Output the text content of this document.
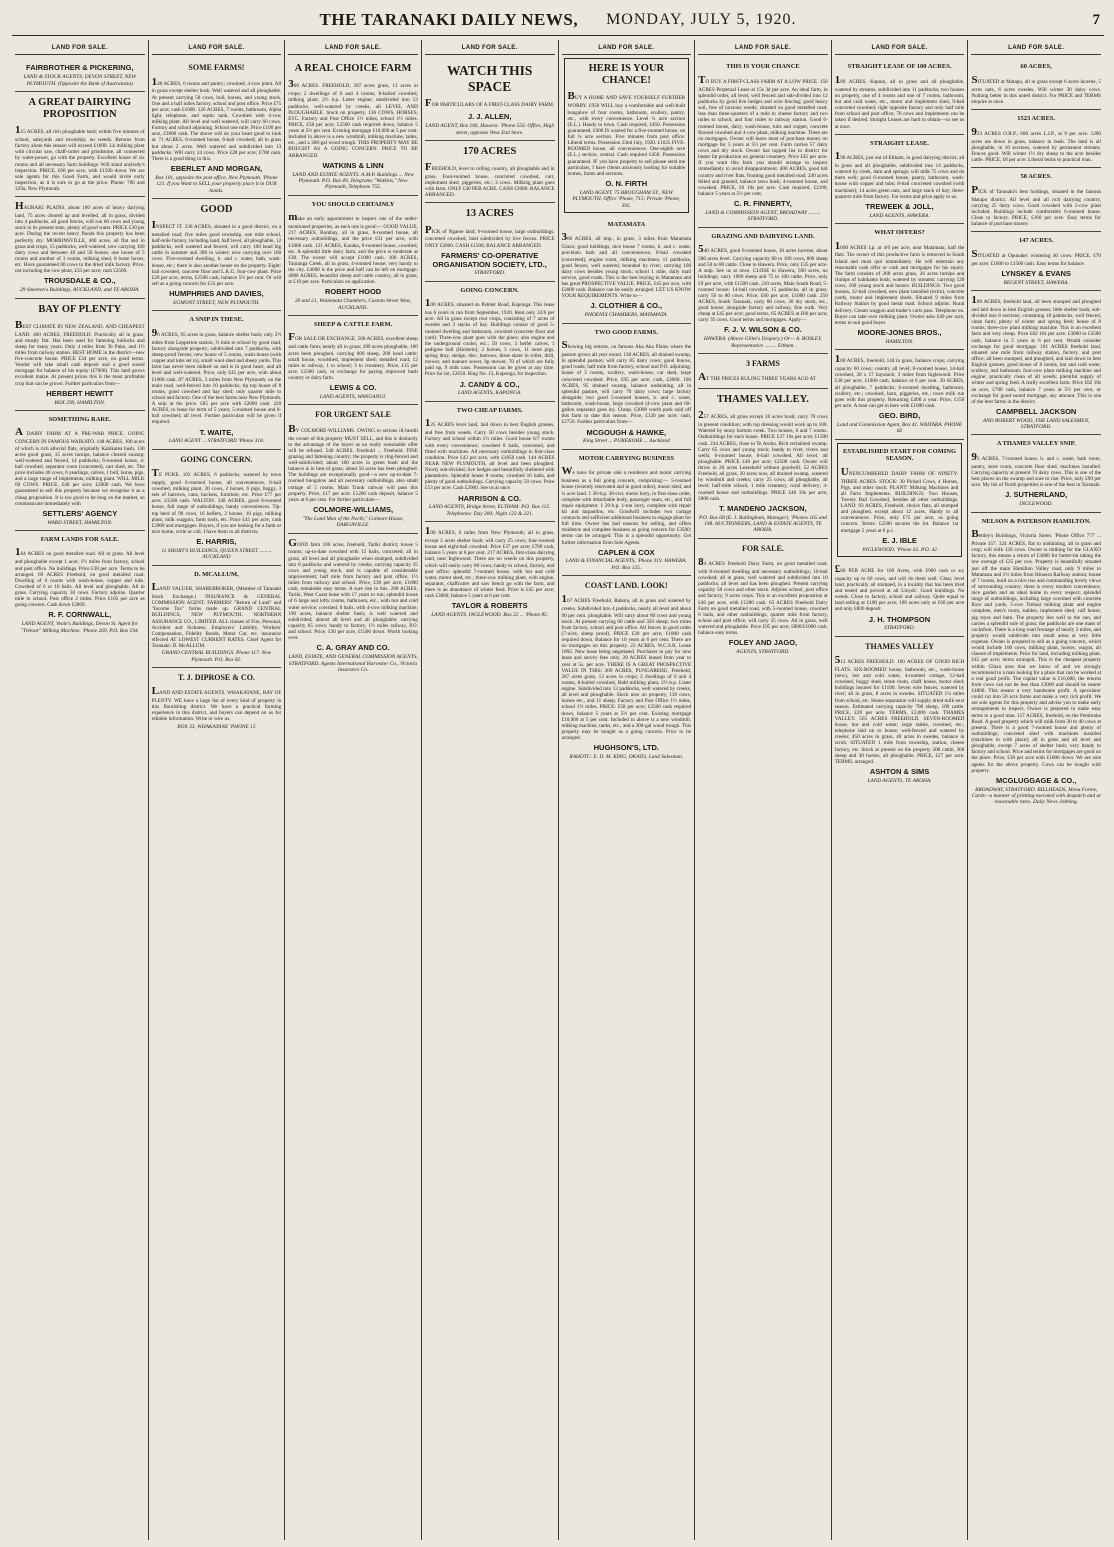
THE TARANAKI DAILY NEWS, MONDAY, JULY 5, 1920.	7
LAND FOR SALE.
FAIRBROTHER & PICKERING,
LAND & STOCK AGENTS, DEVON STREET, NEW PLYMOUTH. (Opposite the Bank of Australasia)
A GREAT DAIRYING PROPOSITION
115 ACRES, all rich ploughable land; within five minutes of school, saleyards and township; no weeds. Returns from factory alone this season will exceed £1600. Lk milking plant with circular saw, chaff-cutter and grindstone, all connected by water-power, go with the property. Excellent house of six rooms and all necessary farm buildings. Will stand anybody's inspection. PRICE, £60 per acre, with £1500 down. We are sole agents for this Good Farm, and would invite early inspection, as it is sure to go at the price. Phone: 706 and 329a, New Plymouth.
HAURAKI PLAINS, about 100 acres of heavy dairying land, 75 acres cleared up and levelled, all in grass, divided into 4 paddocks, all good fences, will run 60 cows and young stock in its present state, plenty of good water. PRICE £30 per acre. During the recent heavy floods this property has been perfectly dry. MORRINSVILLE, 400 acres, all flat and in grass and crops, 15 paddocks, well-watered, now carrying 100 dairy cows and between 40 and 50 horses; one house of 5 rooms and another of 3 rooms, milking shed, 8 loose boxes, etc. Have guaranteed 80 cows to the dried milk factory. Price, not including the cow plant, £33 per acre; cash £2500.
TROUSDALE & CO.,
29 Smeeton's Buildings, AUCKLAND, and TE AROHA.
BAY OF PLENTY
BEST CLIMATE IN NEW ZEALAND. AND CHEAPEST LAND. 460 ACRES, FREEHOLD. Practically all in grass, and mostly flat. Has been used for fattening bullocks and sheep for many years. Only 4 miles from Te Puke, and 1½ miles from railway station. BEST HOME in the district—new five-concrete house. PRICE £34 per acre, on good terms. Vendor will take small cash deposit and a good sound mortgage for balance of his equity (£7000). This land grows excellent maize. At present prices this is the most profitable crop that can be grown. Further particulars from—
HERBERT HEWITT
BOX 299, HAMILTON.
SOMETHING RARE.
A DAIRY FARM AT A PRE-WAR PRICE. GOING CONCERN IN FAMOUS WAIKATO. 148 ACRES, 100 acres of which is rich alluvial flats, originally Kahikatea bush, 130 acres good grass, 15 acres turnips, balance cleared swamp; well-watered and fenced, 14 paddocks; 6-roomed house, 4-bail cowshed, separator room (concreted), cart shed, etc. The price includes 40 cows, 6 yearlings, calves, 1 bull, horse, pigs, and a large range of implements, milking plant. WILL MILK 60 COWS. PRICE, £48 per acre; £2000 cash. We have guaranteed to sell this property because we recognise it as a cheap proposition. It is too good to be long on the market, so communicate immediately with
SETTLERS' AGENCY
WARD STREET, HAMILTON.
FARM LANDS FOR SALE.
164 ACRES on good metalled road. All in grass. All level and ploughable except 1 acre; 1½ miles from factory, school and post office. No buildings. Price £38 per acre. Terms to be arranged. 69 ACRES Freehold, on good metalled road. Dwelling of 6 rooms with wash-house, copper and tubs. Cowshed of 6 or 10 bails. All level and ploughable. All in grass. Carrying capacity 30 cows. Factory adjoins. Quarter mile to school. Post office 2 miles. Price £105 per acre as going concern. Cash down £2000.
R. F. CORNWALL,
LAND AGENT, Veale's Buildings, Devon St. Agent for "Treloar" Milking Machine. 'Phone 269, P.O. Box 194.
LAND FOR SALE.
SOME FARMS!
140 ACRES, 6 rooms and pantry; cowshed, 4-cow plant. All in grass except shelter bush. Well watered and all ploughable. At present carrying 50 cows, bull, horses, and young stock. One and a half miles factory, school and post office. Price £75 per acre; cash £1000. 120 ACRES, 7 rooms, bathroom, Alpha light, telephone, and septic tank. Cowshed with 4-cow milking plant. All level and well watered, will carry 60 cows. Factory and school adjoining. School one mile. Price £100 per acre, £3000 cash. The above will do your heart good to look at. 71 ACRES, 6-roomed house, 6-bail cowshed; all in grass but about 2 acres. Well watered and subdivided into 13 paddocks. Will carry 24 cows. Price £28 per acre; £700 cash. There is a good thing in this.
EBERLET AND MORGAN,
Box 101, opposite the post office, New Plymouth. 'Phone 121. If you Want to SELL your property place it in OUR hands.
GOOD
INSPECT IT. 330 ACRES, situated in a good district, on a metalled road; five miles good township, one mile school, half-mile factory, including land, half level, all ploughable, 12 paddocks, well watered and fenced, will carry 100 head big cattle in summer and 300 in winter; now carrying over 100 cows. Five-roomed dwelling, h. and c. water, bath, wash-house, etc.; there is also another house on the property. Eight-bail cowshed, concrete floor and L.K.G. four-cow plant. Price £29 per acre, terms, £2500 cash, balance 5½ per cent. Or will sell as a going concern for £33 per acre.
HUMPHRIES AND DAVIES,
EGMONT STREET, NEW PLYMOUTH.
A SNIP IN THESE.
96 ACRES, 95 acres in grass, balance shelter bush; only 2½ miles from Lepperton station, ½ mile to school by good road, factory alongside property; subdivided into 7 paddocks, with sheep-proof fences; new house of 5 rooms, wash-house (with copper and tubs set in), small wool shed and sheep yards. This farm has never been milked on and is in good heart, and all level and well-watered. Price, only £45 per acre, with about £1000 cash. 87 ACRES, 3 miles from New Plymouth, on the main road, well-fenced into 10 paddocks; tip top house of 8 rooms, good cowshed and hay shed; only quarter mile to school and factory. One of the best farms near New Plymouth. A snip at the price. £85 per acre with £2000 cash. 220 ACRES, to lease for term of 5 years; 5-roomed house and 8-bail cowshed; all level. Further particulars will be given if required.
T. WAITE,
LAND AGENT ... STRATFORD 'Phone 318.
GOING CONCERN.
TE PUKE. 102 ACRES, 6 paddocks, watered by town supply, good 6-roomed house, all conveniences, 8-bail cowshed, milking plant, 20 cows, 2 horses, 6 pigs, buggy, 3 sets of harrows, cans, buckets, furniture, etc. Price £77 per acre; £1500 cash. WALTON. 348 ACRES, good 6-roomed house, full range of outbuildings, handy conveniences. Tip-top herd of 90 cows, 16 heifers, 2 horses, 10 pigs, milking plant, milk waggon, farm tools, etc. Price £45 per acre, cash £2000 and mortgages. Buyers, if you are looking for a farm or nice home, write or call. I have them in all districts.
E. HARRIS,
11 SHORT'S BUILDINGS, QUEEN STREET ......... AUCKLAND
D. MCALLUM,
LAND VALUER, SHAREBROKER, (Member of Taranaki Stock Exchange.) INSURANCE & GENERAL COMMISSION AGENT. FARMERS' "Return of Land" and "Income Tax" forms made up. GRAND CENTRAL BUILDINGS, NEW PLYMOUTH. NORTHERN ASSURANCE CO., LIMITED. ALL classes of Fire, Personal, Accident and Sickness; Employers' Liability, Workers' Compensation, Fidelity Bonds, Motor Car, etc. insurance effected AT LOWEST CURRENT RATES. Chief Agent for Taranaki: D. McALLUM.
GRAND CENTRAL BUILDINGS. Phone 117. New Plymouth. P.O. Box 82.
T. J. DIPROSE & CO.
LAND AND ESTATE AGENTS, WHAKATANE, BAY OF PLENTY. WE have a large list of every kind of property in this flourishing district. We have a practical farming experience in this district, and buyers can depend on us for reliable information. Write or wire us.
BOX 33, WHAKATANE 'PHONE 15
LAND FOR SALE.
A REAL CHOICE FARM
300 ACRES. FREEHOLD, 287 acres grass, 13 acres in crops; 2 dwellings of 6 and 4 rooms; 8-bailed cowshed, milking plant, 2½ h.p. Lister engine; subdivided into 13 paddocks, well-watered by creeks, all LEVEL AND PLOUGHABLE. Stock on property, 136 COWS, HORSES, ETC. Factory and Post Office 1½ miles, school 1½ miles. PRICE, £58 per acre; £2500 cash required down, balance 5 years at 5½ per cent. Existing mortgage £10,000 at 5 per cent. Included in above is a new windmill, milking machine, tanks, etc., and a 300-gal wood trough. THIS PROPERTY MAY BE BOUGHT AS A GOING CONCERN. PRICE TO BE ARRANGED.
WATKINS & LINN
LAND AND ESTATE AGENTS. A.M.P. Buildings ... New Plymouth. P.O. Box 49, Telegrams "Watkins," New Plymouth, Telephone 755.
YOU SHOULD CERTAINLY
make an early appointment to inspect one of the under-mentioned properties, as each one is good:— GOOD VALUE. 217 ACRES, Bombay, all in grass, 8-roomed house, all necessary outbuildings, and the price £31 per acre, with £1000 cash. 121 ACRES, Karaka, 6-roomed house, cowshed, etc. A splendid little dairy farm, and the price is moderate at £38. The owner will accept £1000 cash. 100 ACRES, Tauranga Creek, all in grass, 4-roomed house; very handy to the city. £4000 is the price and half can be left on mortgage. 4000 ACRES, beautiful sheep and cattle country, all in grass, at £10 per acre. Particulars on application.
ROBERT HOOD
20 and 21, Waitemata Chambers, Custom Street West, AUCKLAND.
SHEEP & CATTLE FARM.
FOR SALE OR EXCHANGE. 500 ACRES, excellent sheep and cattle farm; nearly all in grass; 200 acres ploughable, 100 acres been ploughed, carrying 600 sheep, 200 head cattle; small house, woolshed, implement shed; metalled road; 12 miles to railway, 1 to school; 3 to creamery. Price, £15 per acre. £1500 cash, or exchange for paying improved bush country or dairy farm.
LEWIS & CO.
LAND AGENTS, WANGANUI.
FOR URGENT SALE
BY COLMORE-WILLIAMS. OWING to serious ill-health the owner of this property MUST SELL, and this is distinctly to the advantage of the buyer as no really reasonable offer will be refused. 540 ACRES. Freehold ... Freehold. FINE grazing and fattening country; the property is ring-fenced and well-subdivided; about 100 acres in green bush and the balance is in best of grass; about 50 acres has been ploughed. The buildings are exceptionally good—a new up-to-date 7-roomed bungalow and all necessary outbuildings, also small cottage of 5 rooms. Main Trunk railway will pass this property. Price, £17 per acre. £1200 cash deposit, balance 5 years at 6 per cent. For further particulars—
COLMORE-WILLIAMS,
"The Land Man of the North," Colmore House, DARGAVILLE.
GOOD farm 100 acres, freehold, Tariki district; house 5 rooms; up-to-date cowshed with 12 bails, concreted; all in grass, all level and all ploughable when stumped, subdivided into 8 paddocks and watered by creeks; carrying capacity 35 cows and young stock, and is capable of considerable improvement; half mile from factory and post office, 1½ miles from railway and school. Price, £30 per acre; £1600 cash, remainder easy terms. A sure rise in this. 200 ACRES, Tariki, West Coast lease with 17 years to run; splendid house of 6 large and lofty rooms, bathroom, etc., with hot and cold water service; cowshed, 8 bails, with 4-cow milking machine; 190 acres, balance shelter bush; is well watered and subdivided; almost all level and all ploughable; carrying capacity 65 cows; handy to factory, 1½ miles railway, P.O. and school. Price, £30 per acre, £1500 down. Worth looking over.
C. A. GRAY AND CO.
LAND, ESTATE, AND GENERAL COMMISSION AGENTS, STRATFORD. Agents International Harvester Co., Victoria Insurance Co.
LAND FOR SALE.
WATCH THIS SPACE
FOR PARTICULARS OF A FIRST-CLASS DAIRY FARM.
J. J. ALLEN,
LAND AGENT, Box 106, Hawera. 'Phone 556. Office, High street, opposite West End Store.
170 ACRES
FREEHOLD, level to rolling country, all ploughable and in grass. Four-roomed house, concreted cowshed, cart, implement shed, piggeries, etc.; 3 cows. Milking plant goes with farm. ONLY £40 PER ACRE. CASH £2000; BALANCE ARRANGED.
13 ACRES
PICK of Ngaere land; 6-roomed house, large outbuildings, concreted cowshed, land subdivided by live fences. PRICE ONLY £2000. CASH £1500; BALANCE ARRANGED.
FARMERS' CO-OPERATIVE ORGANISATION SOCIETY, LTD.,
STRATFORD.
GOING CONCERN.
100 ACRES, situated on Palmer Road, Kaponga. This lease has 6 years to run from September, 1920. Rent only 32/6 per acre. All in grass except root crops, consisting of 7 acres of swedes and 3 stacks of hay. Buildings consist of good 5-roomed dwelling and bathroom, cowshed (concrete floor and yard). Three-cow plant goes with the place; also engine and the underground cooler, etc.; 50 cows, 3 heifer calves, 1 pedigree bull (Holstein); 2 horses, 3 cows, 11 store pigs, spring dray, sledge, disc, harrows, three share in roller, drill, mower, and manure sower, hp mower, 70 of which are fully paid up, 9 milk cans. Possession can be given at any time. Price for lot, £2650. Ring No. 13, Kaponga, for inspection.
J. CANDY & CO.,
LAND AGENTS, KAPONGA.
TWO CHEAP FARMS.
125 ACRES level land, laid down in best English grasses, and free from weeds. Carry 50 cows besides young stock. Factory and school within 1½ miles. Good house 6/7 rooms with every convenience; cowshed 8 bails, concreted, and fitted with machines. All necessary outbuildings in first-class condition. Price £43 per acre, with £1850 cash. 144 ACRES NEAR NEW PLYMOUTH, all level and been ploughed. Nicely sub-divided; live hedges and beautifully sheltered with plantations. Splendid house 8 rooms, cowshed 16 bails, and plenty of good outbuildings. Carrying capacity 50 cows. Price £53 per acre. Cash £2000. See us at once.
HARRISON & CO.
LAND AGENTS, Bridge Street, ELTHAM. P.O. Box 112. Telephones: Day 200; Night 123 & 221.
100 ACRES, 6 miles from New Plymouth; all in grass, except 2 acres shelter bush; will carry 25 cows; four-roomed house and eight-bail cowshed. Price £37 per acre; £700 cash, balance 5 years at 6 per cent. 217 ACRES, first-class dairying land, near Inglewood. There are no weeds on this property, which will easily carry 80 cows; handy to school, factory, and post office; splendid 7-roomed house, with hot and cold water, motor shed, etc.; three-cow milking plant, with engine, separator, chaffcutter and saw bench go with the farm, and there is an abundance of winter feed. Price is £45 per acre; cash £3000, balance 5 years at 6 per cent.
TAYLOR & ROBERTS
LAND AGENTS, INGLEWOOD. Box 22 ... 'Phone 85.
LAND FOR SALE.
HERE IS YOUR CHANCE!
BUY A HOME AND SAVE YOURSELF FURTHER WORRY. £950 WILL buy a comfortable and well-built bungalow of four rooms, bathroom, scullery, pantry, etc., with every convenience. Level ¼ acre section (E.L.). Handy to town. Cash required, £450. Possession guaranteed. £900 IS wanted for a five-roomed house, on full ¼ acre section. Five minutes from post office. Liberal terms. Possession 23nd July, 1920. £1025 FIVE-ROOMED house, all conveniences. One-eighth acre (E.L.) section, central. Cash required £450. Possession guaranteed. IF you have property to sell please send me particulars, I have clients anxiously looking for suitable homes, farms and sections.
O. N. FIRTH
LAND AGENT. 75 BROUGHAM ST., NEW PLYMOUTH. Office 'Phone, 715; Private 'Phone, 395.
MATAMATA
306 ACRES, all imp., in grass, 3 miles from Matamata Glaxo; good buildings, nice house 7 rooms, h. and c. water, porcelain bath and all conveniences; 8-bail cowshed (concreted), engine room, milking machines; 11 paddocks, good fences, well watered, bounded by river; carrying 100 dairy cows besides young stock; school 1 mile, daily mail service, good roads. This is the best buying in Matamata and has great PROSPECTIVE VALUE. PRICE, £45 per acre, with £2000 cash. Balance can be easily arranged. LET US KNOW YOUR REQUIREMENTS. Write to—
J. CLOTHIER & CO.,
PHOENIX CHAMBERS, MATAMATA.
TWO GOOD FARMS.
Showing big returns, on famous Aka Aka Plains where the pasture grows all year round. 130 ACRES, all drained swamp, in splendid pasture; will carry 85 dairy cows; good fences, good roads; half mile from factory, school and P.O. adjoining; house of 5 rooms, scullery, wash-house, car shed, large concreted cowshed. Price, £95 per acre; cash, £3000. 100 ACRES, 95 drained swamp, balance undulating, all in splendid pasture, will carry 70 dairy cows; large factory alongside; two good 5-roomed houses, h. and c. water, bathroom, wash-house, large cowshed (4-cow plant and 60-gallon separator goes in). Cheap. £3000 worth pack sold off this farm to date this season. Price, £120 per acre; cash, £2750. Further particulars from—
MCGOUGH & HAWKE,
King Street ... PUKEKOHE ... Auckland
MOTOR CARRYING BUSINESS
We have for private sale a residence and motor carrying business as a full going concern, comprising:— 5-roomed house (recently renovated and in good order), motor shed, and ¼ acre land. 1 30-h.p. 30-cwt. motor lorry, in first-class order, complete with detachable body, passenger seats, etc., and full repair equipment. 1 20-h.p. 1-ton lorry, complete with repair kit and tarpaulins, etc. Goodwill includes two cartage contracts and sufficient additional business to engage plant for full time. Owner has bad reasons for selling, and offers residence and complete business as going concern for £3500; terms can be arranged. This is a splendid opportunity. Get further information from Sole Agents.
CAPLEN & COX
LAND & FINANCIAL AGENTS, 'Phone 319. HAWERA. P.O. Box 125.
COAST LAND. LOOK!
167 ACRES Freehold, Rahotu, all in grass and watered by creeks. Subdivided into 4 paddocks, nearly all level and about 90 per cent. ploughable. Will carry about 80 cows and young stock. At present carrying 68 cattle and 350 sheep; two miles from factory, school and post office. All fences in good order (7-wire, sheep proof). PRICE £30 per acre; £1000 cash required down. Balance for 10 years at 6 per cent. There are no mortgages on this property. 23 ACRES, W.C.S.R. Lease 1892. New lease being negotiated. Purchaser to pay for new lease and survey fees only. 28 ACRES leased from year to year at 5s. per acre. THERE IS A GREAT PROSPECTIVE VALUE IN THIS: 300 ACRES, PUNGAREHU, Freehold, 287 acres grass, 13 acres in crops; 2 dwellings of 6 and 4 rooms, 8-bailed cowshed, Ridd milking plant, 2½-h.p. Lister engine. Subdivided into 13 paddocks, well watered by creeks, all level and ploughable. Stock now on property, 136 cows, horses etc., and 11 sheep. Factory and Post Office 1½ miles, school 1½ miles. PRICE: £58 per acre; £2500 cash required down, balance 5 years at 5½ per cent. Existing mortgage £10,000 at 5 per cent. Included in above is a new windmill, milking machine, tanks, etc., and a 300-gal wood trough. This property may be bought as a going concern. Price to be arranged.
HUGHSON'S, LTD.
RAHOTU. E. D. M. KING, OKATO, Land Salesman.
LAND FOR SALE.
THIS IS YOUR CHANCE
TO BUY A FIRST-CLASS FARM AT A LOW PRICE. 156 ACRES Perpetual Lease at 15s 3d per acre. An ideal farm, in splendid order, all level, well fenced and sub-divided into 12 paddocks by good live hedges and wire fencing; good heavy soil, free of noxious weeds; situated on good metalled road; less than three-quarters of a mile to cheese factory and two miles to school, and four miles to railway station. Good 6-roomed house, dairy, wash-house, tubs and copper, concrete floored cowshed and 4-cow plant, milking machine. There are no mortgages. Owner will leave most of purchase money on mortgage for 5 years at 5½ per cent. Farm carries 57 dairy cows and dry stock. Owner has topped list in district for butter fat production on general creamery. Price £45 per acre. If you want this farm you should arrange to inspect immediately to avoid disappointment. 400 ACRES, good hill country and river flats, fronting good metalled road; 240 acres felled and grassed, balance tawa bush; 4-roomed house, and cowshed. PRICE, £6 10s per acre. Cash required, £2100, balance 5 years at 5½ per cent.
C. R. FINNERTY,
LAND & COMMISSION AGENT, BROADWAY ......... STRATFORD.
GRAZING AND DAIRYING LAND.
540 ACRES, good 6-roomed house, 10 acres lucerne, about 500 acres level. Carrying capacity 80 to 100 cows, 800 sheep and 50 to 80 cattle. Close to Hawera. Price, only £35 per acre. A snip. See us at once. CLOSE to Hawera, 500 acres, no buildings; carry 1000 sheep and 75 to 100 cattle. Price, only £9 per acre, with £1500 cash. 210 acres, Main South Road, 5-roomed house; 14-bail cowshed, 15 paddocks, all in grass; carry 56 to 80 cows. Price, £60 per acre, £1000 cash. 250 ACRES, South Taranaki, carry 80 cows, 30 dry stock, etc., good house; alongside factory and railway, fine walk. Very cheap at £45 per acre; good terms. 65 ACRES at £80 per acre; carry 35 cows. Good terms and mortgages. Apply—
F. J. V. WILSON & CO.
HAWERA. (Above Gillet's Drapery.) Or— A. BOSLEY, Representative ......... Eltham.
3 FARMS
AT THE PRICES RULING THREE YEARS AGO AT
THAMES VALLEY.
257 ACRES, all grass except 20 acres bush; carry 70 cows in present condition; with top dressing would work up to 100. Watered by stony bottom creek. Two houses, 6 and 7 rooms. Outbuildings for each house. PRICE £37 10s per acre; £1500 cash. 234 ACRES, close to Te Aroha. Rich reclaimed swamp. Carry 65 cows and young stock; handy to river, rivers and wells; 6-roomed house; 8-bail cowshed. All level, all ploughable. PRICE £40 per acre; £2500 cash. Owner will throw in 20 acres Leasehold without goodwill. 52 ACRES Freehold, all grass, 20 acres now, all drained swamp, watered by windmill and creeks; carry 25 cows, all ploughable, all level; half-mile school, 1 mile creamery, rural delivery; 4-roomed house and outbuildings. PRICE £46 10s per acre, £800 cash.
T. MANDENO JACKSON,
P.O. Box 68 (E. J. Ballingham, Manager). 'Phones 165 and 198. AUCTIONEERS, LAND & ESTATE AGENTS, TE AROHA.
FOR SALE.
84 ACRES Freehold Dairy Farm, on good metalled road, with 8-roomed dwelling and necessary outbuildings; 16-bail cowshed; all in grass, well watered and subdivided into 10 paddocks; all level and has been ploughed. Present carrying capacity 50 cows and other stock. Adjoins school, post office and factory; 9 acres crops. This is an excellent proposition at £46 per acre, with £1280 cash. 63 ACRES Freehold Dairy Farm on good metalled road, with 5-roomed house, cowshed 6 bails, and other outbuildings; quarter mile from factory, school and post office; will carry 35 cows. All in grass, well watered and ploughable. Price £95 per acre; £800/£1000 cash, balance easy terms.
FOLEY AND JAGO,
AGENTS, STRATFORD.
LAND FOR SALE.
STRAIGHT LEASE OF 100 ACRES.
100 ACRES, Kapuni, all in grass and all ploughable, watered by streams, subdivided into 11 paddocks; two houses on property, one of 4 rooms and one of 7 rooms, bathroom, hot and cold water, etc., motor and implement shed, 9-bail concreted cowshed; right opposite factory and only half mile from school and post office; 70 cows and implements can be taken if desired. Straight Leases are hard to obtain—so see us at once.
STRAIGHT LEASE.
196 ACRES, just out of Eltham, in good dairying district, all in grass and all ploughable, subdivided into 14 paddocks, watered by creek, dam and springs; will milk 75 cows and do them well; good 6-roomed house, pantry, bathroom, wash-house with copper and tubs; 8-bail concreted cowshed (with machines); 14 acres green oats, and large stack of hay; three-quarters mile from factory. For terms and price apply to us.
TREWEEK & JOLL,
LAND AGENTS, HAWERA.
WHAT OFFERS?
1000 ACRES Lp. at 4/6 per acre, near Matamata; half the flats. The owner of this productive farm is removed to South Island and must quit immediately. He will entertain any reasonable cash offer or cash and mortgages for his equity. The farm consists of 268 acres grass, 26 acres turnips and clumps of kahikatea bush; watered by streams; carrying 120 cows, 100 young stock and horses. BUILDINGS: Two good houses, 12-bail cowshed, new plant installed (extra), concrete yards, motor and implement sheds. Situated 9 miles from Railway Station by good metal road. School adjoins. Rural delivery. Cream waggon and trader's carts pass. Telephone on. Buyer can take over milking plant. Owner asks £40 per acre, terms to suit good buyer.
MOORE-JONES BROS.,
HAMILTON.
160 ACRES, freehold, 144 in grass, balance crops; carrying capacity 60 cows; country all level; 8-roomed house, 14-bail cowshed, 30 x 17 haystack; 3 miles from Inglewood. Price £38 per acre, £1000 cash, balance at 6 per cent. 30 ACRES, all ploughable, 7 paddocks; 6-roomed dwelling, bathroom, scullery, etc.; cowshed, barn, piggeries, etc.; town milk run goes with this property. Returning £400 a year. Price, £150 per acre. A man can get in here with £1000 cash.
GEO. BIRD,
Land and Commission Agent, Box 41. WAITARA. PHONE 82
ESTABLISHED START FOR COMING SEASON.
UNENCUMBERED DAIRY FARM OF NINETY-THREE ACRES. STOCK: 30 Picked Cows, 4 Horses, Pigs, and other stock. PLANT: Milking Machines and all Farm Implements. BUILDINGS: Two Houses, Twenty Bail Cowshed, besides all other outbuildings. LAND: 93 ACRES, Freehold, choice flats, all stumped and ploughed, except about 12 acres. Handy to all conveniences. Price, only £75 per acre, as going concern. Terms: £2500 secures the lot. Balance 1st mortgage 5 years at 6 p.c.
E. J. IBLE
INGLEWOOD. 'Phone 61. P.O. 42
£60 PER ACRE for 100 Acres, with £900 cash or so; capacity up to 60 cows, and will do them well. Clear, level land, practically all stumped, in a locality that has been tried and tested and proved at all Lloyds'. Good buildings. No weeds. Close to factory, school and railway. Quite equal to land selling at £100 per acre; 100 acres only at £60 per acre and only £800 deposit.
J. H. THOMPSON
STRATFORD.
THAMES VALLEY
512 ACRES FREEHOLD. 160 ACRES OF GOOD RICH FLATS. SIX-ROOMED house, bathroom, etc., wash-house (new), hot and cold water, 4-roomed cottage, 12-bail cowshed, buggy shed, stone room, chaff house, motor shed; buildings insured for £1100. Seven wire fences; watered by river; all in grass, 8 acres in swedes. SITUATED 1¼ miles from school, etc. Home separation will supply dried milk next season. Estimated carrying capacity 700 sheep, 100 cattle. PRICE, £20 per acre. TERMS, £3,000 cash. THAMES VALLEY. 565 ACRES FREEHOLD. SEVEN-ROOMED house, hot and cold water; large stable, cowshed, etc.; telephone laid on to house; well-fenced and watered by creeks; 450 acres in grass, 40 acres in swedes, balance in scrub. SITUATED 1 mile from township, station, cheese factory, etc. Stock at present on the property 200 cattle, 300 sheep and 30 horses, all ploughable. PRICE, £27 per acre. TERMS, arranged.
ASHTON & SIMS
LAND AGENTS, TE AROHA.
LAND FOR SALE.
60 ACRES,
SITUATED at Matapu, all in grass except 6 acres lucerne, 5 acres oats, 6 acres swedes. Will winter 30 dairy cows. Nothing better in this noted district. For PRICE and TERMS enquire at once.
1523 ACRES.
923 ACRES O.R.P., 600 acres L.I.P., at 9 per acre. 1200 acres are down in grass, balance in bush. The land is all ploughable, in 10 sections, watered by permanent streams. Fences good. Will winter 1½ dry sheep to the acre besides cattle. PRICE, £8 per acre. Liberal terms to practical man.
50 ACRES.
PICK of Taranaki's best holdings, situated in the famous Matapu district. All level and all rich dairying country, carrying 25 dairy cows. Good cowshed with 2-cow plant included. Buildings include comfortable 6-roomed house. Close to factory. PRICE, £160 per acre. Easy terms for balance of purchase money.
147 ACRES.
SITUATED at Opunake; wintering 40 cows. PRICE, £70 per acre; £1000 to £1500 cash. Easy terms for balance.
LYNSKEY & EVANS
REGENT STREET, HAWERA.
180 ACRES, freehold land, all been stumped and ploughed and laid down in best English grasses; little shelter bush; sub-divided into 8 sections; containing 18 paddocks, well fenced, clean farm; plenty of winter and spring feed; house of 8 rooms; three-cow plant milking machine. This is an excellent farm and very cheap. Price £82 10s per acre, £3000 to £3500 cash, balance in 5 years at 6 per cent. Would consider exchange for good mortgage. 101 ACRES freehold land, situated one mile from railway station, factory, and post office; all been stumped, and ploughed, and laid down in best English grasses; good house of 8 rooms, hot and cold water, scullery, and bathroom; four-cow plant milking machine and engine; practically clean of all weeds; plentiful supply of winter and spring feed. A really excellent farm. Price £82 10s an acre, £700 cash, balance 7 years at 5½ per cent, or exchange for good sound mortgage, any amount. This is one of the best farms in the district.
CAMPBELL JACKSON
AND ROBERT WOOD, THE LAND SALESMEN, STRATFORD.
A THAMES VALLEY SNIP.
93 ACRES, 7-roomed house, h. and c. water, bath room, pantry, store room, concrete floor shed, machines installed. Carrying capacity at present 70 dairy cows. This is one of the best places on the swamp and sure to rise. Price, only £90 per acre. My list of North properties is one of the best in Taranaki.
J. SUTHERLAND,
INGLEWOOD.
NELSON & PATERSON HAMILTON.
Bettley's Buildings, Victoria Street. 'Phone Office 777 ... Private 357. 324 ACRES, flat to undulating, all in grass and crop; will milk 120 cows. Owner is milking for the GLAXO factory, this means a return of £3000 for butter-fat taking the low average of £25 per cow. Property is beautifully situated just off the main Hamilton Valley road, only 9 miles to Matamata and 1½ miles from Hinuera Railway station; house of 7 rooms, built on a nice rise and commanding lovely views of surrounding country; there is every modern convenience, nice garden and an ideal home in every respect; splendid range of outbuildings, including large cowshed with concrete floor and yards, 5-cow Treloar milking plant and engine complete, men's room, stables, implement shed, calf house, pig styes and barn. The property lies well to the sun, and carries a splendid sole of grass; the paddocks are one mass of cocksfoot. There is a long road frontage of nearly 2 miles, and property would subdivide into small areas at very little expense. Owner is prepared to sell as a going concern, which would include 100 cows, milking plant, horses, wagon, all classes of implements. Price for land, including milking plant, £45 per acre; terms arranged. This is the cheapest property within Glaxo area that we know of and we strongly recommend to a man looking for a place that can be worked at a real good profit. The capital value is £16,000, the returns from cows can not be less than £3000 and should be nearer £4000. This means a very handsome profit. A speculator could cut into 50 acre farms and make a very rich profit. We are sole agents for this property and advise you to make early arrangements to inspect. Owner is prepared to make easy terms to a good man. 117 ACRES, freehold, on the Pembroke Road. A good property which will milk from 30 to 40 cows at present. There is a good 7-roomed house and plenty of outbuildings; concreted shed with machines installed (machines in with place); all in grass and all level and ploughable, except 7 acres of shelter bush; very handy to factory and school. Price and terms for mortgages are good on the place. Price, £30 per acre with £1000 down. We are sole agents for the above property. Cows can be bought with property.
MCGLUGGAGE & CO.,
BROADWAY, STRATFORD. BILLHEADS, Menu Forms, Cards—a manner of printing executed with despatch and at reasonable rates. Daily News Jobbing.
